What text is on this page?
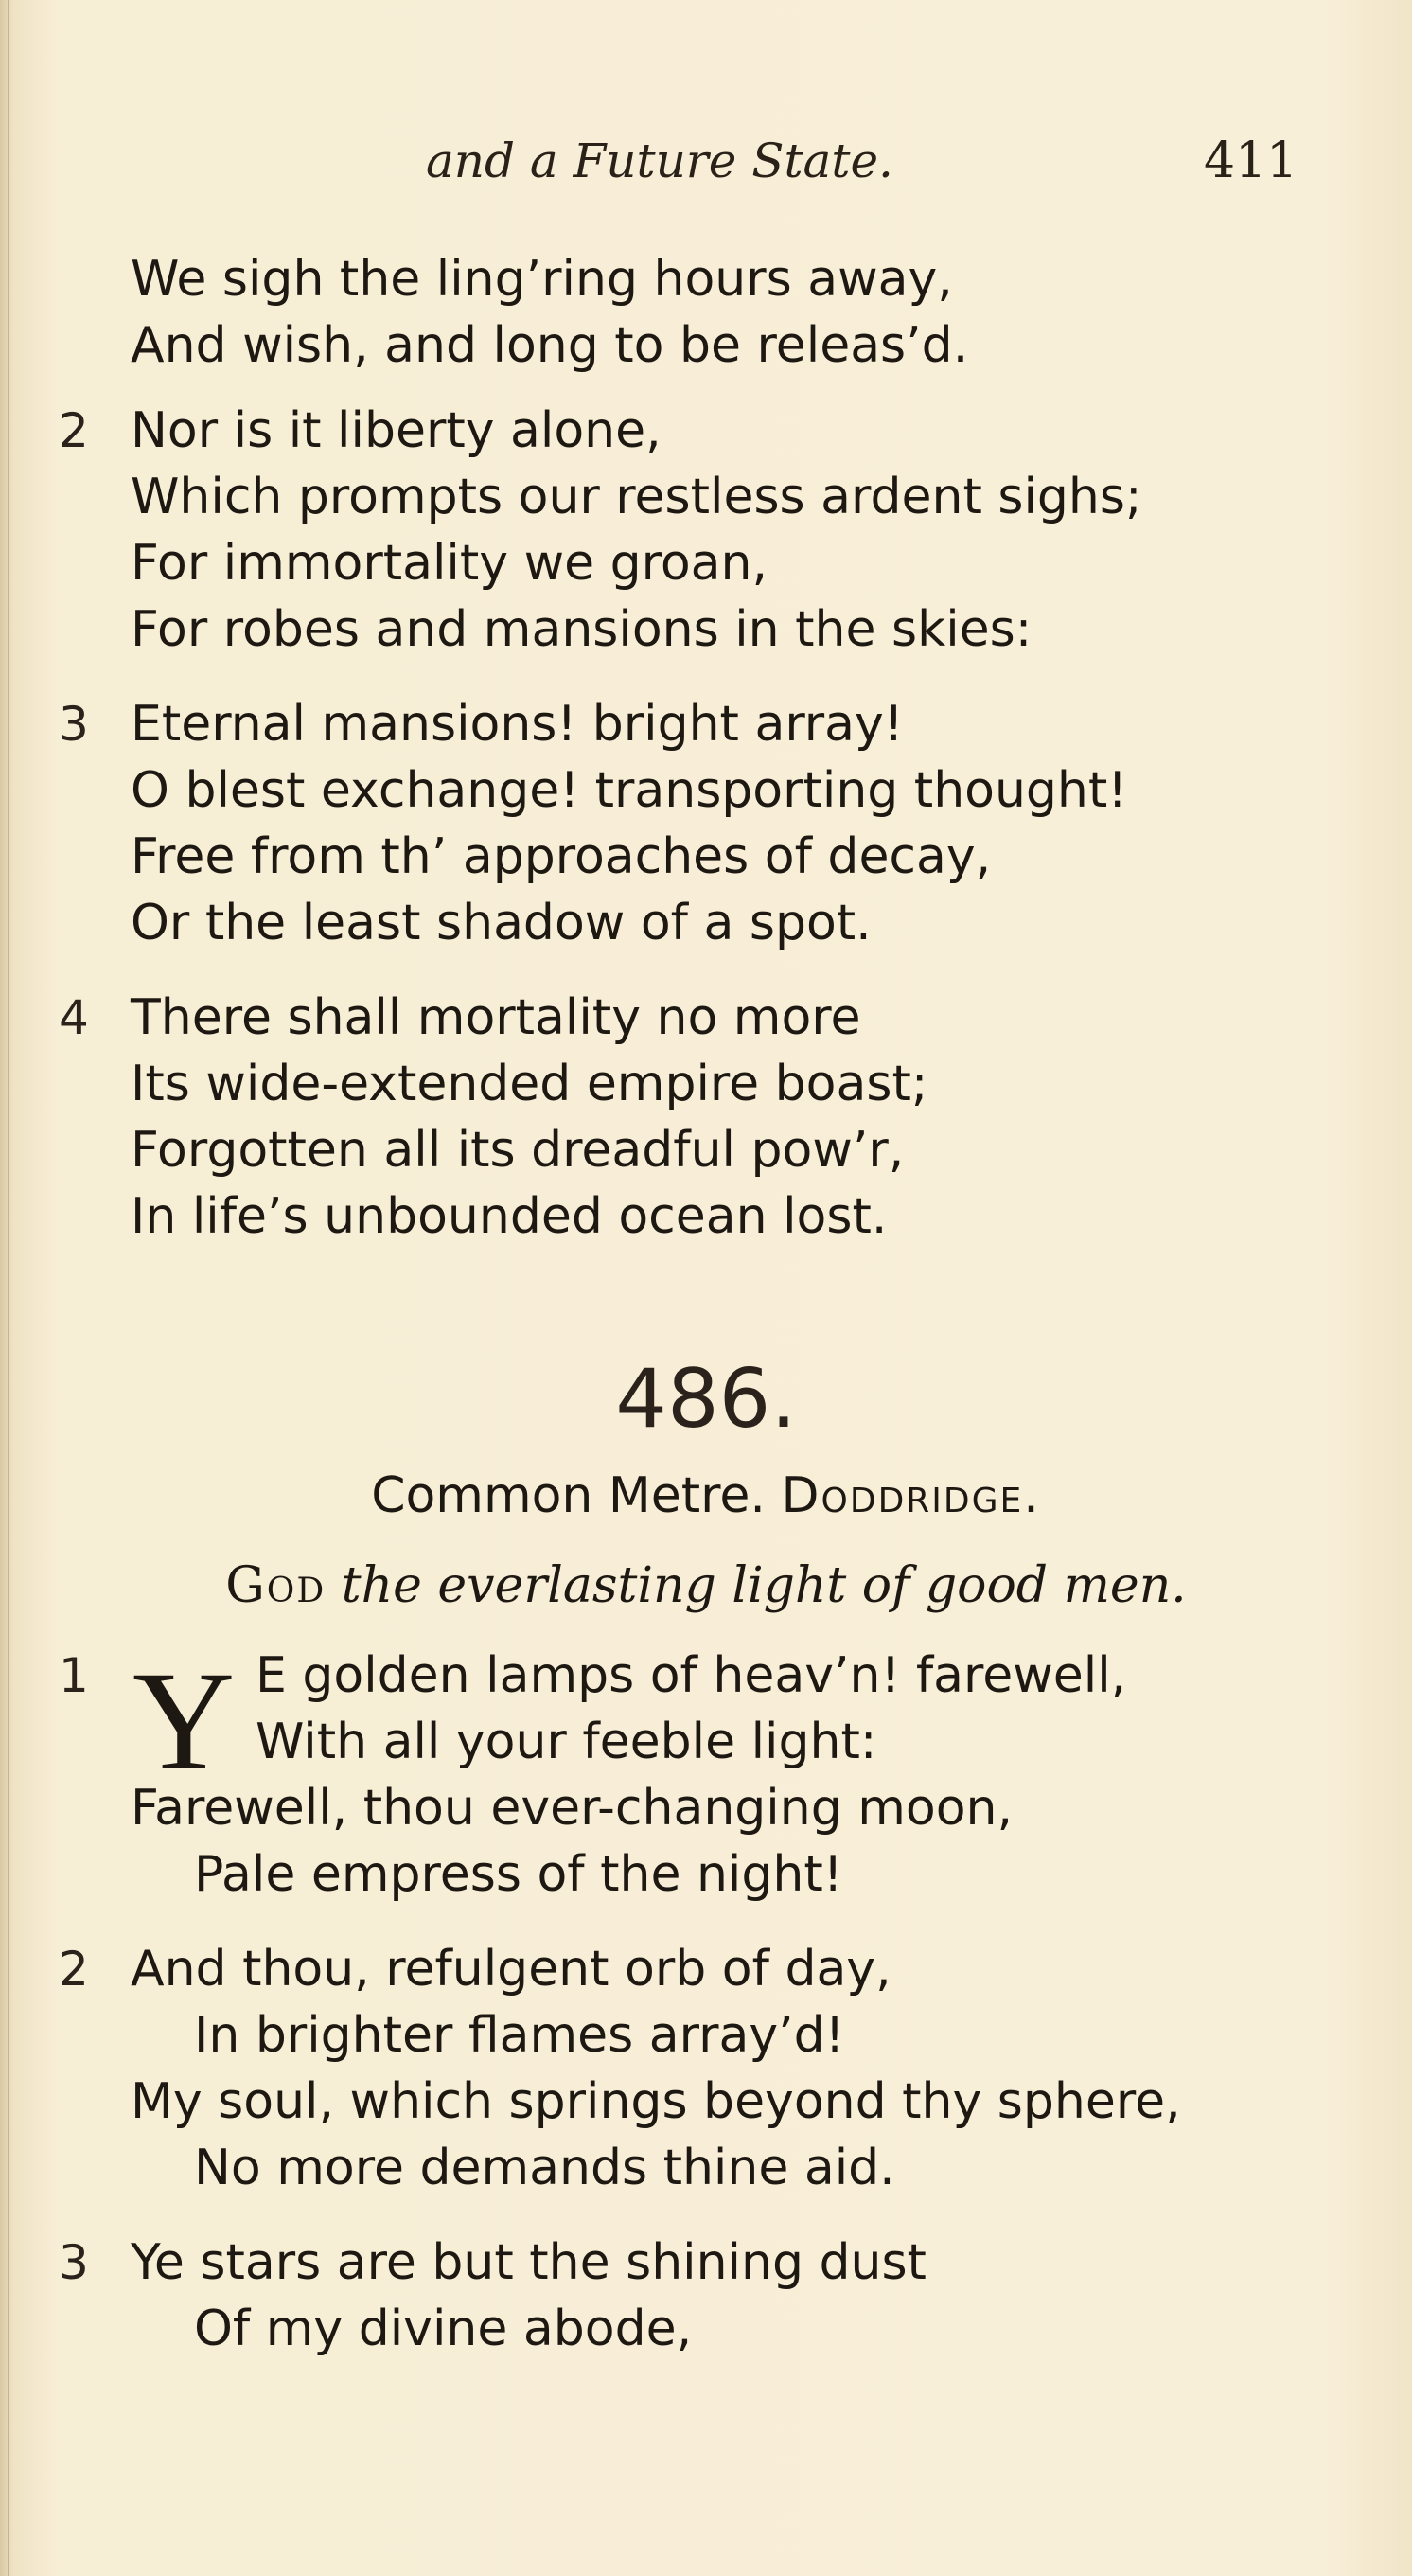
and a Future State.	411
We sigh the ling’ring hours away,
And wish, and long to be releas’d.
2 Nor is it liberty alone,
Which prompts our restless ardent sighs;
For immortality we groan,
For robes and mansions in the skies:
3 Eternal mansions! bright array!
O blest exchange! transporting thought!
Free from th’ approaches of decay,
Or the least shadow of a spot.
4 There shall mortality no more
Its wide-extended empire boast;
Forgotten all its dreadful pow’r,
In life’s unbounded ocean lost.
486.
Common Metre. Doddridge.
God the everlasting light of good men.
1 Y E golden lamps of heav’n! farewell,
With all your feeble light:
Farewell, thou ever-changing moon,
Pale empress of the night!
2 And thou, refulgent orb of day,
In brighter flames array’d!
My soul, which springs beyond thy sphere,
No more demands thine aid.
3 Ye stars are but the shining dust
Of my divine abode,
